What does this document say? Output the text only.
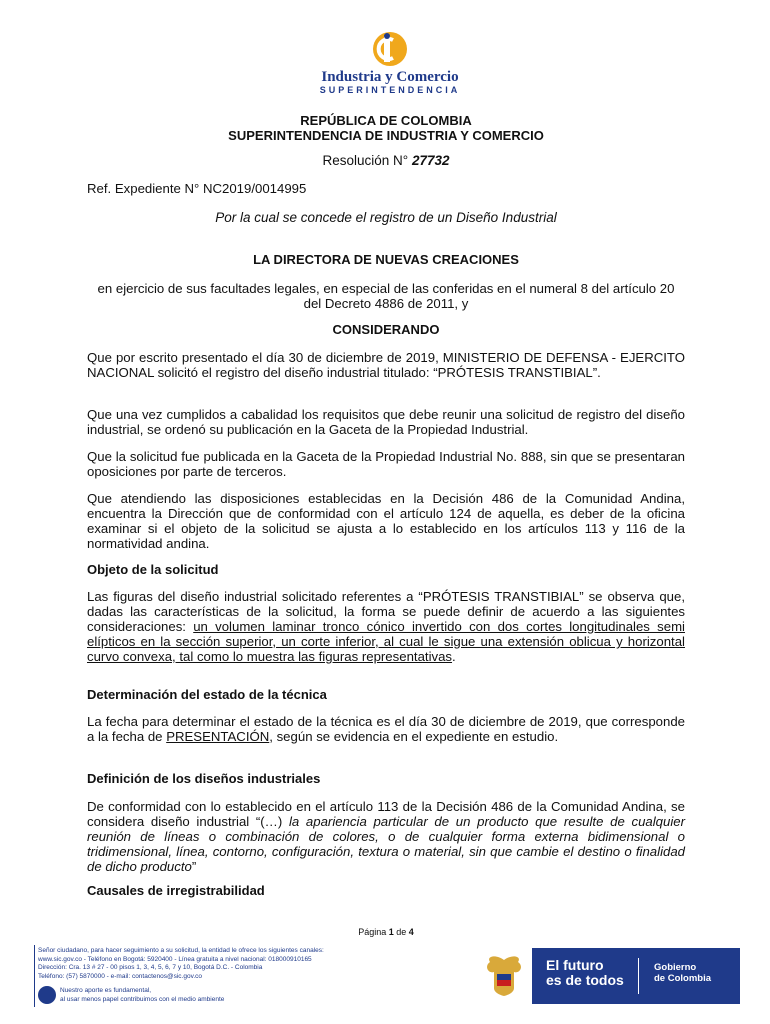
Industria y Comercio
SUPERINTENDENCIA
REPÚBLICA DE COLOMBIA
SUPERINTENDENCIA DE INDUSTRIA Y COMERCIO
Resolución N° 27732
Ref. Expediente N° NC2019/0014995
Por la cual se concede el registro de un Diseño Industrial
LA DIRECTORA DE NUEVAS CREACIONES
en ejercicio de sus facultades legales, en especial de las conferidas en el numeral 8 del artículo 20 del Decreto 4886 de 2011, y
CONSIDERANDO
Que por escrito presentado el día 30 de diciembre de 2019, MINISTERIO DE DEFENSA - EJERCITO NACIONAL solicitó el registro del diseño industrial titulado: “PRÓTESIS TRANSTIBIAL”.
Que una vez cumplidos a cabalidad los requisitos que debe reunir una solicitud de registro del diseño industrial, se ordenó su publicación en la Gaceta de la Propiedad Industrial.
Que la solicitud fue publicada en la Gaceta de la Propiedad Industrial No. 888, sin que se presentaran oposiciones por parte de terceros.
Que atendiendo las disposiciones establecidas en la Decisión 486 de la Comunidad Andina, encuentra la Dirección que de conformidad con el artículo 124 de aquella, es deber de la oficina examinar si el objeto de la solicitud se ajusta a lo establecido en los artículos 113 y 116 de la normatividad andina.
Objeto de la solicitud
Las figuras del diseño industrial solicitado referentes a “PRÓTESIS TRANSTIBIAL” se observa que, dadas las características de la solicitud, la forma se puede definir de acuerdo a las siguientes consideraciones: un volumen laminar tronco cónico invertido con dos cortes longitudinales semi elípticos en la sección superior, un corte inferior, al cual le sigue una extensión oblicua y horizontal curvo convexa, tal como lo muestra las figuras representativas.
Determinación del estado de la técnica
La fecha para determinar el estado de la técnica es el día 30 de diciembre de 2019, que corresponde a la fecha de PRESENTACIÓN, según se evidencia en el expediente en estudio.
Definición de los diseños industriales
De conformidad con lo establecido en el artículo 113 de la Decisión 486 de la Comunidad Andina, se considera diseño industrial “(…) la apariencia particular de un producto que resulte de cualquier reunión de líneas o combinación de colores, o de cualquier forma externa bidimensional o tridimensional, línea, contorno, configuración, textura o material, sin que cambie el destino o finalidad de dicho producto”
Causales de irregistrabilidad
Página 1 de 4
Señor ciudadano, para hacer seguimiento a su solicitud, la entidad le ofrece los siguientes canales:
www.sic.gov.co - Teléfono en Bogotá: 5920400 - Línea gratuita a nivel nacional: 018000910165
Dirección: Cra. 13 # 27 - 00 pisos 1, 3, 4, 5, 6, 7 y 10, Bogotá D.C. - Colombia
Teléfono: (57) 5870000 - e-mail: contactenos@sic.gov.co
Nuestro aporte es fundamental,
al usar menos papel contribuimos con el medio ambiente
El futuro
es de todos
Gobierno
de Colombia
